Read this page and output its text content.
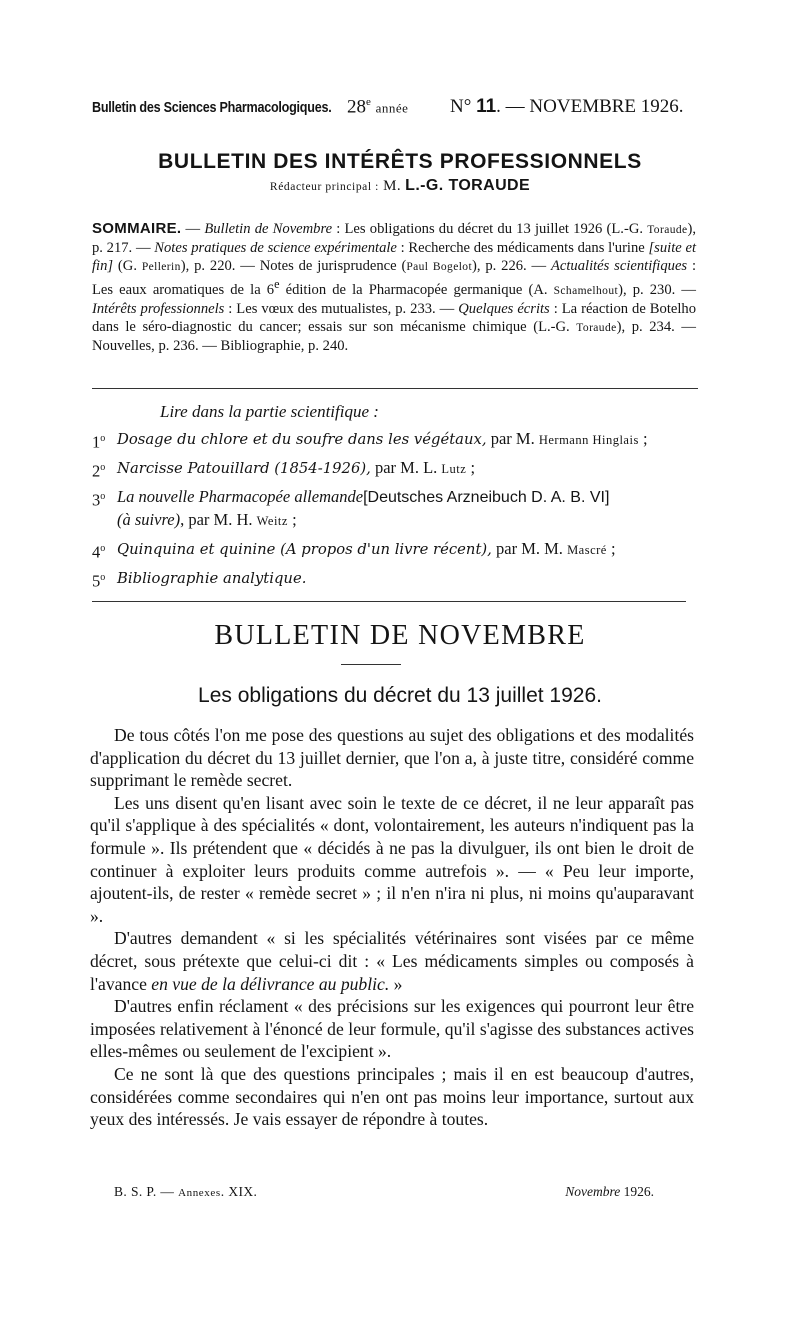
Bulletin des Sciences Pharmacologiques. 28e année N° 11. — NOVEMBRE 1926.
BULLETIN DES INTÉRÊTS PROFESSIONNELS
Rédacteur principal : M. L.-G. TORAUDE
SOMMAIRE. — Bulletin de Novembre : Les obligations du décret du 13 juillet 1926 (L.-G. Toraude), p. 217. — Notes pratiques de science expérimentale : Recherche des médicaments dans l'urine [suite et fin] (G. Pellerin), p. 220. — Notes de jurisprudence (Paul Bogelot), p. 226. — Actualités scientifiques : Les eaux aromatiques de la 6e édition de la Pharmacopée germanique (A. Schamelhout), p. 230. — Intérêts professionnels : Les vœux des mutualistes, p. 233. — Quelques écrits : La réaction de Botelho dans le séro-diagnostic du cancer; essais sur son mécanisme chimique (L.-G. Toraude), p. 234. — Nouvelles, p. 236. — Bibliographie, p. 240.
Lire dans la partie scientifique :
1$^o$ Dosage du chlore et du soufre dans les végétaux, par M. Hermann Hinglais ;
2$^o$ Narcisse Patouillard (1854-1926), par M. L. Lutz ;
3$^o$ La nouvelle Pharmacopée allemande[Deutsches Arzneibuch D. A. B. VI]
(à suivre), par M. H. Weitz ;
4$^o$ Quinquina et quinine (A propos d'un livre récent), par M. M. Mascré ;
5$^o$ Bibliographie analytique.
BULLETIN DE NOVEMBRE
Les obligations du décret du 13 juillet 1926.

De tous côtés l'on me pose des questions au sujet des obligations et des modalités d'application du décret du 13 juillet dernier, que l'on a, à juste titre, considéré comme supprimant le remède secret.

Les uns disent qu'en lisant avec soin le texte de ce décret, il ne leur apparaît pas qu'il s'applique à des spécialités « dont, volontairement, les auteurs n'indiquent pas la formule ». Ils prétendent que « décidés à ne pas la divulguer, ils ont bien le droit de continuer à exploiter leurs produits comme autrefois ». — « Peu leur importe, ajoutent-ils, de rester « remède secret » ; il n'en n'ira ni plus, ni moins qu'auparavant ».

D'autres demandent « si les spécialités vétérinaires sont visées par ce même décret, sous prétexte que celui-ci dit : « Les médicaments simples ou composés à l'avance en vue de la délivrance au public. »

D'autres enfin réclament « des précisions sur les exigences qui pourront leur être imposées relativement à l'énoncé de leur formule, qu'il s'agisse des substances actives elles-mêmes ou seulement de l'excipient ».

Ce ne sont là que des questions principales ; mais il en est beaucoup d'autres, considérées comme secondaires qui n'en ont pas moins leur importance, surtout aux yeux des intéressés. Je vais essayer de répondre à toutes.

B. S. P. — Annexes. XIX.	Novembre 1926.
